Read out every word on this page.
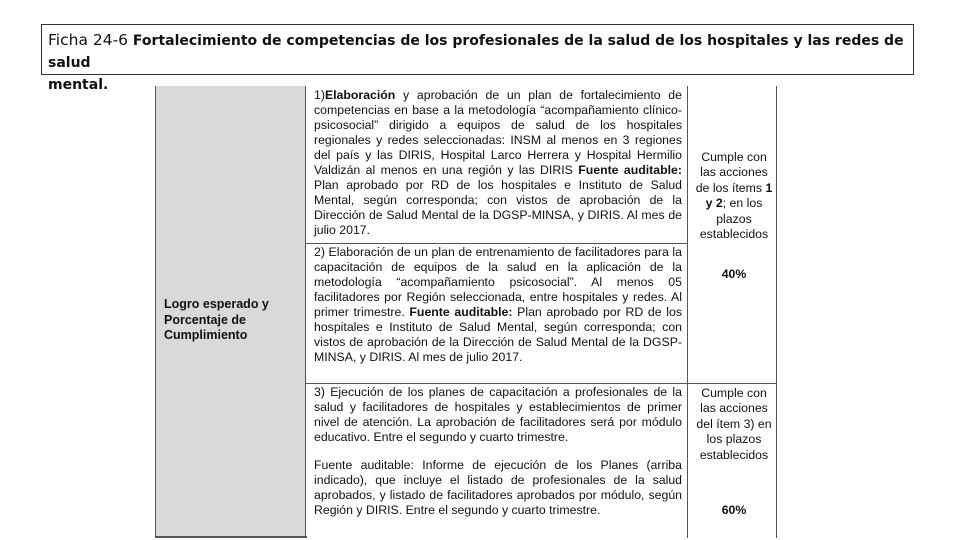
Ficha 24-6 Fortalecimiento de competencias de los profesionales de la salud de los hospitales y las redes de salud
mental.
Logro esperado y
Porcentaje de
Cumplimiento
1)Elaboración y aprobación de un plan de fortalecimiento de competencias en base a la metodología “acompañamiento clínico-psicosocial” dirigido a equipos de salud de los hospitales regionales y redes seleccionadas: INSM al menos en 3 regiones del país y las DIRIS, Hospital Larco Herrera y Hospital Hermilio Valdizán al menos en una región y las DIRIS Fuente auditable: Plan aprobado por RD de los hospitales e Instituto de Salud Mental, según corresponda; con vistos de aprobación de la Dirección de Salud Mental de la DGSP-MINSA, y DIRIS. Al mes de julio 2017.
2) Elaboración de un plan de entrenamiento de facilitadores para la capacitación de equipos de la salud en la aplicación de la metodología “acompañamiento psicosocial”. Al menos 05 facilitadores por Región seleccionada, entre hospitales y redes. Al primer trimestre. Fuente auditable: Plan aprobado por RD de los hospitales e Instituto de Salud Mental, según corresponda; con vistos de aprobación de la Dirección de Salud Mental de la DGSP-MINSA, y DIRIS. Al mes de julio 2017.
3) Ejecución de los planes de capacitación a profesionales de la salud y facilitadores de hospitales y establecimientos de primer nivel de atención. La aprobación de facilitadores será por módulo educativo. Entre el segundo y cuarto trimestre.
Fuente auditable: Informe de ejecución de los Planes (arriba indicado), que incluye el listado de profesionales de la salud aprobados, y listado de facilitadores aprobados por módulo, según Región y DIRIS. Entre el segundo y cuarto trimestre.
Cumple con las acciones de los ítems 1 y 2; en los plazos establecidos
40%
Cumple con las acciones del ítem 3) en los plazos establecidos
60%
